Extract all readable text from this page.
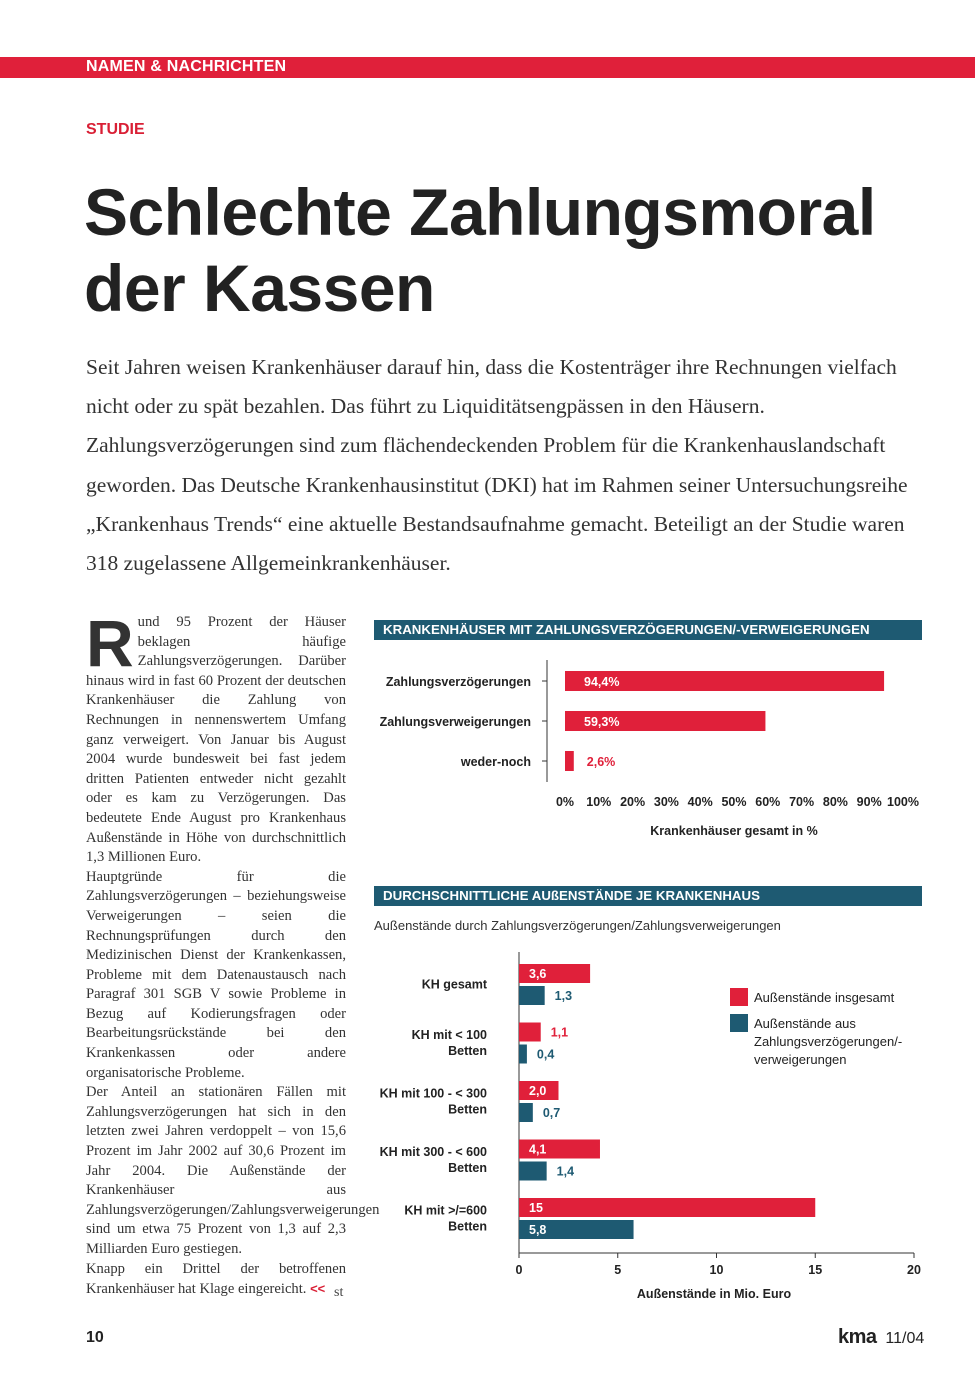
NAMEN & NACHRICHTEN
STUDIE
Schlechte Zahlungsmoral
der Kassen

Seit Jahren weisen Krankenhäuser darauf hin, dass die Kostenträger ihre Rechnungen vielfach nicht oder zu spät bezahlen. Das führt zu Liquiditätsengpässen in den Häusern. Zahlungsverzögerungen sind zum flächendeckenden Problem für die Krankenhauslandschaft geworden. Das Deutsche Krankenhausinstitut (DKI) hat im Rahmen seiner Untersuchungsreihe „Krankenhaus Trends“ eine aktuelle Bestandsaufnahme gemacht. Beteiligt an der Studie waren 318 zugelassene Allgemeinkrankenhäuser.

R und 95 Prozent der Häuser beklagen häufige Zahlungsverzögerungen. Darüber hinaus wird in fast 60 Prozent der deutschen Krankenhäuser die Zahlung von Rechnungen in nennenswertem Umfang ganz verweigert. Von Januar bis August 2004 wurde bundesweit bei fast jedem dritten Patienten entweder nicht gezahlt oder es kam zu Verzögerungen. Das bedeutete Ende August pro Krankenhaus Außenstände in Höhe von durchschnittlich 1,3 Millionen Euro.
Hauptgründe für die Zahlungsverzögerungen – beziehungsweise Verweigerungen – seien die Rechnungsprüfungen durch den Medizinischen Dienst der Krankenkassen, Probleme mit dem Datenaustausch nach Paragraf 301 SGB V sowie Probleme in Bezug auf Kodierungsfragen oder Bearbeitungsrückstände bei den Krankenkassen oder andere organisatorische Probleme.
Der Anteil an stationären Fällen mit Zahlungsverzögerungen hat sich in den letzten zwei Jahren verdoppelt – von 15,6 Prozent im Jahr 2002 auf 30,6 Prozent im Jahr 2004. Die Außenstände der Krankenhäuser aus Zahlungsverzögerungen/Zahlungsverweigerungen sind um etwa 75 Prozent von 1,3 auf 2,3 Milliarden Euro gestiegen.
Knapp ein Drittel der betroffenen Krankenhäuser hat Klage eingereicht. << st
KRANKENHÄUSER MIT ZAHLUNGSVERZÖGERUNGEN/-VERWEIGERUNGEN
Zahlungsverzögerungen	94,4%
Zahlungsverweigerungen	59,3%
weder-noch	2,6%
0% 10% 20% 30% 40% 50% 60% 70% 80% 90% 100%
Krankenhäuser gesamt in %
DURCHSCHNITTLICHE AUßENSTÄNDE JE KRANKENHAUS
Außenstände durch Zahlungsverzögerungen/Zahlungsverweigerungen
KH gesamt
3,6
1,3
KH mit < 100
Betten
1,1
0,4
KH mit 100 - < 300
Betten
2,0
0,7
KH mit 300 - < 600
Betten
4,1
1,4
KH mit >/=600
Betten
15
5,8
0	5	10	15	20
Außenstände in Mio. Euro
Außenstände insgesamt
Außenstände aus
Zahlungsverzögerungen/-
verweigerungen
10	kma 11/04
